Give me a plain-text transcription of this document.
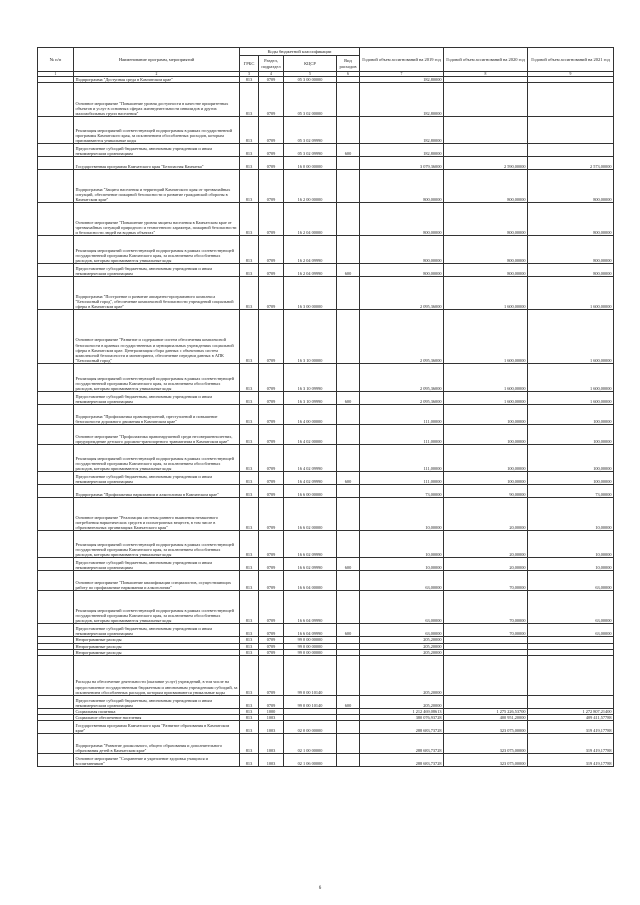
№ п/п	Наименование программ, мероприятий	Коды бюджетной классификации				Годовой объем ассигнований на 2019 год	Годовой объем ассигнований на 2020 год	Годовой объем ассигнований на 2021 год
		ГРБС	Раздел, подраздел	КЦСР	Вид расходов			
1	2	3	4	5	6	7	8	9
	Подпрограмма "Доступная среда в Камчатском крае"	813	0709	05 3 00 00000		182,80000		
	Основное мероприятие "Повышение уровня доступности в качестве приоритетных объектов и услуг в основных сферах жизнедеятельности инвалидов и других маломобильных групп населения"	813	0709	05 3 02 00000		182,80000		
	Реализация мероприятий соответствующей подпрограммы в рамках государственной программы Камчатского края, за исключением обособленных расходов, которым присваиваются уникальные коды	813	0709	05 3 02 09990		182,80000		
	Предоставление субсидий бюджетным, автономным учреждениям и иным некоммерческим организациям	813	0709	05 3 02 09990	600	182,80000		
	Государственная программа Камчатского края "Безопасная Камчатка"	813	0709	16 0 00 00000		3 079,36000	2 590,00000	2 573,00000
	Подпрограмма "Защита населения и территорий Камчатского края от чрезвычайных ситуаций, обеспечение пожарной безопасности и развитие гражданской обороны в Камчатском крае"	813	0709	16 2 00 00000		800,00000	800,00000	800,00000
	Основное мероприятие "Повышение уровня защиты населения в Камчатском крае от чрезвычайных ситуаций природного и техногенного характера, пожарной безопасности и безопасности людей на водных объектах"	813	0709	16 2 04 00000		800,00000	800,00000	800,00000
	Реализация мероприятий соответствующей подпрограммы в рамках соответствующей государственной программы Камчатского края, за исключением обособленных расходов, которым присваиваются уникальные коды	813	0709	16 2 04 09990		800,00000	800,00000	800,00000
	Предоставление субсидий бюджетным, автономным учреждениям и иным некоммерческим организациям	813	0709	16 2 04 09990	600	800,00000	800,00000	800,00000
	Подпрограмма "Построение и развитие аппаратно-программного комплекса "Безопасный город", обеспечение комплексной безопасности учреждений социальной сферы в Камчатском крае"	813	0709	16 3 00 00000		2 095,36000	1 600,00000	1 600,00000
	Основное мероприятие "Развитие и содержание систем обеспечения комплексной безопасности в краевых государственных и муниципальных учреждениях социальной сферы в Камчатском крае. Централизация сбора данных с объектовых систем комплексной безопасности и мониторинга, обеспечение передачи данных в АПК "Безопасный город"	813	0709	16 3 10 00000		2 095,36000	1 600,00000	1 600,00000
	Реализация мероприятий соответствующей подпрограммы в рамках соответствующей государственной программы Камчатского края, за исключением обособленных расходов, которым присваиваются уникальные коды	813	0709	16 3 10 09990		2 095,36000	1 600,00000	1 600,00000
	Предоставление субсидий бюджетным, автономным учреждениям и иным некоммерческим организациям	813	0709	16 3 10 09990	600	2 095,36000	1 600,00000	1 600,00000
	Подпрограмма "Профилактика правонарушений, преступлений и повышение безопасности дорожного движения в Камчатском крае"	813	0709	16 4 00 00000		111,00000	100,00000	100,00000
	Основное мероприятие "Профилактика правонарушений среди несовершеннолетних, предупреждение детского дорожно-транспортного травматизма в Камчатском крае"	813	0709	16 4 02 00000		111,00000	100,00000	100,00000
	Реализация мероприятий соответствующей подпрограммы в рамках соответствующей государственной программы Камчатского края, за исключением обособленных расходов, которым присваиваются уникальные коды	813	0709	16 4 02 09990		111,00000	100,00000	100,00000
	Предоставление субсидий бюджетным, автономным учреждениям и иным некоммерческим организациям	813	0709	16 4 02 09990	600	111,00000	100,00000	100,00000
	Подпрограмма "Профилактика наркомании и алкоголизма в Камчатском крае"	813	0709	16 6 00 00000		73,00000	90,00000	73,00000
	Основное мероприятие "Реализация системы раннего выявления незаконного потребления наркотических средств и психотропных веществ, в том числе в образовательных организациях Камчатского края"	813	0709	16 6 02 00000		10,00000	20,00000	10,00000
	Реализация мероприятий соответствующей подпрограммы в рамках соответствующей государственной программы Камчатского края, за исключением обособленных расходов, которым присваиваются уникальные коды	813	0709	16 6 02 09990		10,00000	20,00000	10,00000
	Предоставление субсидий бюджетным, автономным учреждениям и иным некоммерческим организациям	813	0709	16 6 02 09990	600	10,00000	20,00000	10,00000
	Основное мероприятие "Повышение квалификации специалистов, осуществляющих работу по профилактике наркомании и алкоголизма"	813	0709	16 6 04 00000		63,00000	70,00000	63,00000
	Реализация мероприятий соответствующей подпрограммы в рамках соответствующей государственной программы Камчатского края, за исключением обособленных расходов, которым присваиваются уникальные коды	813	0709	16 6 04 09990		63,00000	70,00000	63,00000
	Предоставление субсидий бюджетным, автономным учреждениям и иным некоммерческим организациям	813	0709	16 6 04 09990	600	63,00000	70,00000	63,00000
	Непрограммные расходы	813	0709	99 0 00 00000		205,20000		
	Непрограммные расходы	813	0709	99 0 00 00000		205,20000		
	Непрограммные расходы	813	0709	99 0 00 00000		205,20000		
	Расходы на обеспечение деятельности (оказание услуг) учреждений, в том числе на предоставление государственным бюджетным и автономным учреждениям субсидий, за исключением обособленных расходов, которым присваиваются уникальные коды	813	0709	99 0 00 10140		205,20000		
	Предоставление субсидий бюджетным, автономным учреждениям и иным некоммерческим организациям	813	0709	99 0 00 10140	600	205,20000		
	Социальная политика	813	1000			1 212 469,08613	1 275 226,53700	1 272 807,21400
	Социальное обеспечение населения	813	1003			380 076,93728	400 951,20000	409 411,57788
	Государственная программа Камчатского края "Развитие образования в Камчатском крае"	813	1003	02 0 00 00000		288 683,73728	323 075,00000	319 419,17788
	Подпрограмма "Развитие дошкольного, общего образования и дополнительного образования детей в Камчатском крае"	813	1003	02 1 00 00000		288 683,73728	323 075,00000	319 419,17788
	Основное мероприятие "Сохранение и укрепление здоровья учащихся и воспитанников"	813	1003	02 1 06 00000		288 683,73728	323 075,00000	319 419,17788
6
